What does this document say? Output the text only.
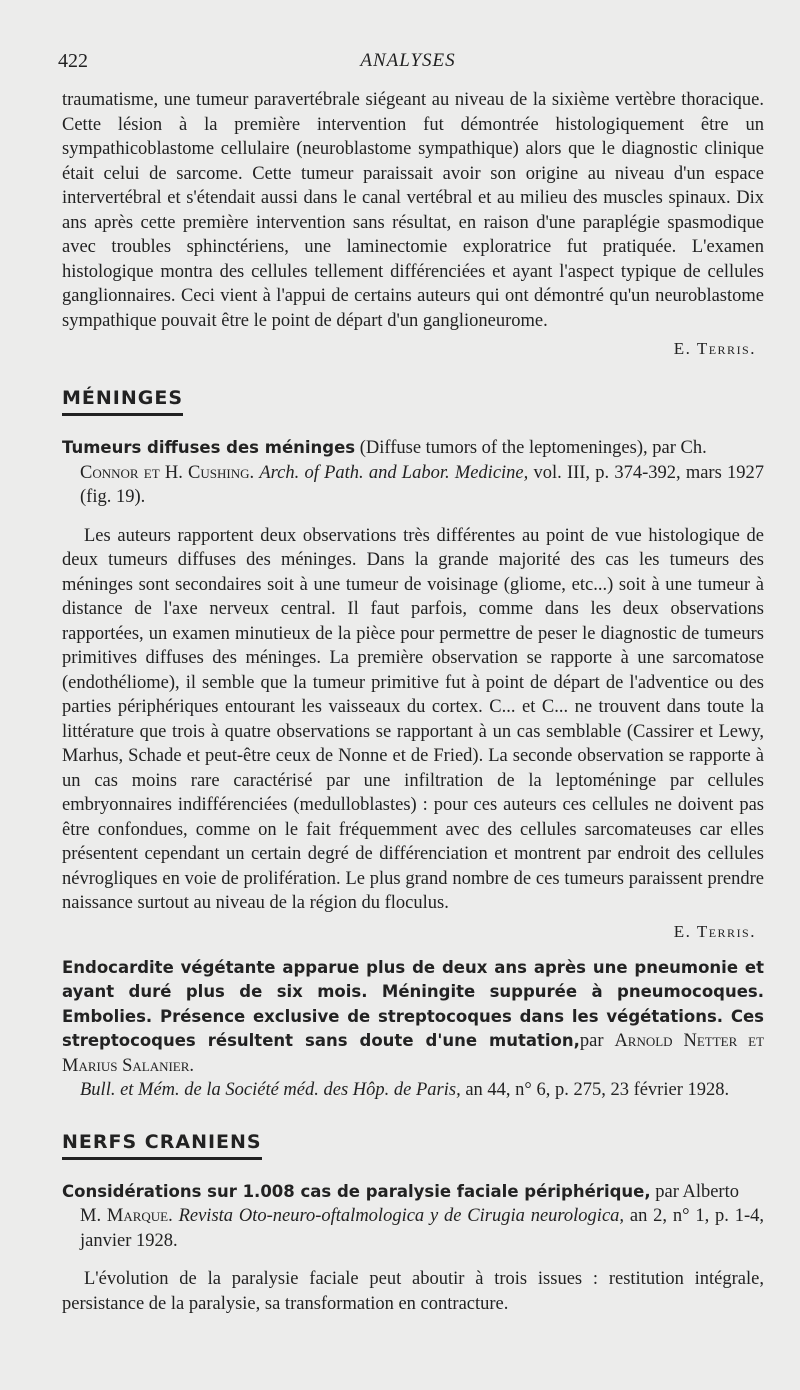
422	ANALYSES

traumatisme, une tumeur paravertébrale siégeant au niveau de la sixième vertèbre thoracique. Cette lésion à la première intervention fut démontrée histologiquement être un sympathicoblastome cellulaire (neuroblastome sympathique) alors que le diagnostic clinique était celui de sarcome. Cette tumeur paraissait avoir son origine au niveau d'un espace intervertébral et s'étendait aussi dans le canal vertébral et au milieu des muscles spinaux. Dix ans après cette première intervention sans résultat, en raison d'une paraplégie spasmodique avec troubles sphinctériens, une laminectomie exploratrice fut pratiquée. L'examen histologique montra des cellules tellement différenciées et ayant l'aspect typique de cellules ganglionnaires. Ceci vient à l'appui de certains auteurs qui ont démontré qu'un neuroblastome sympathique pouvait être le point de départ d'un ganglioneurome.

E. Terris.
MÉNINGES
Tumeurs diffuses des méninges (Diffuse tumors of the leptomeninges), par Ch.
Connor et H. Cushing. Arch. of Path. and Labor. Medicine, vol. III, p. 374-392, mars 1927 (fig. 19).

Les auteurs rapportent deux observations très différentes au point de vue histologique de deux tumeurs diffuses des méninges. Dans la grande majorité des cas les tumeurs des méninges sont secondaires soit à une tumeur de voisinage (gliome, etc...) soit à une tumeur à distance de l'axe nerveux central. Il faut parfois, comme dans les deux observations rapportées, un examen minutieux de la pièce pour permettre de peser le diagnostic de tumeurs primitives diffuses des méninges. La première observation se rapporte à une sarcomatose (endothéliome), il semble que la tumeur primitive fut à point de départ de l'adventice ou des parties périphériques entourant les vaisseaux du cortex. C... et C... ne trouvent dans toute la littérature que trois à quatre observations se rapportant à un cas semblable (Cassirer et Lewy, Marhus, Schade et peut-être ceux de Nonne et de Fried). La seconde observation se rapporte à un cas moins rare caractérisé par une infiltration de la leptoméninge par cellules embryonnaires indifférenciées (medulloblastes) : pour ces auteurs ces cellules ne doivent pas être confondues, comme on le fait fréquemment avec des cellules sarcomateuses car elles présentent cependant un certain degré de différenciation et montrent par endroit des cellules névrogliques en voie de prolifération. Le plus grand nombre de ces tumeurs paraissent prendre naissance surtout au niveau de la région du floculus.

E. Terris.
Endocardite végétante apparue plus de deux ans après une pneumonie et ayant duré plus de six mois. Méningite suppurée à pneumocoques. Embolies. Présence exclusive de streptocoques dans les végétations. Ces streptocoques résultent sans doute d'une mutation,par Arnold Netter et Marius Salanier.
Bull. et Mém. de la Société méd. des Hôp. de Paris, an 44, n° 6, p. 275, 23 février 1928.
NERFS CRANIENS
Considérations sur 1.008 cas de paralysie faciale périphérique, par Alberto
M. Marque. Revista Oto-neuro-oftalmologica y de Cirugia neurologica, an 2, n° 1, p. 1-4, janvier 1928.

L'évolution de la paralysie faciale peut aboutir à trois issues : restitution intégrale, persistance de la paralysie, sa transformation en contracture.
